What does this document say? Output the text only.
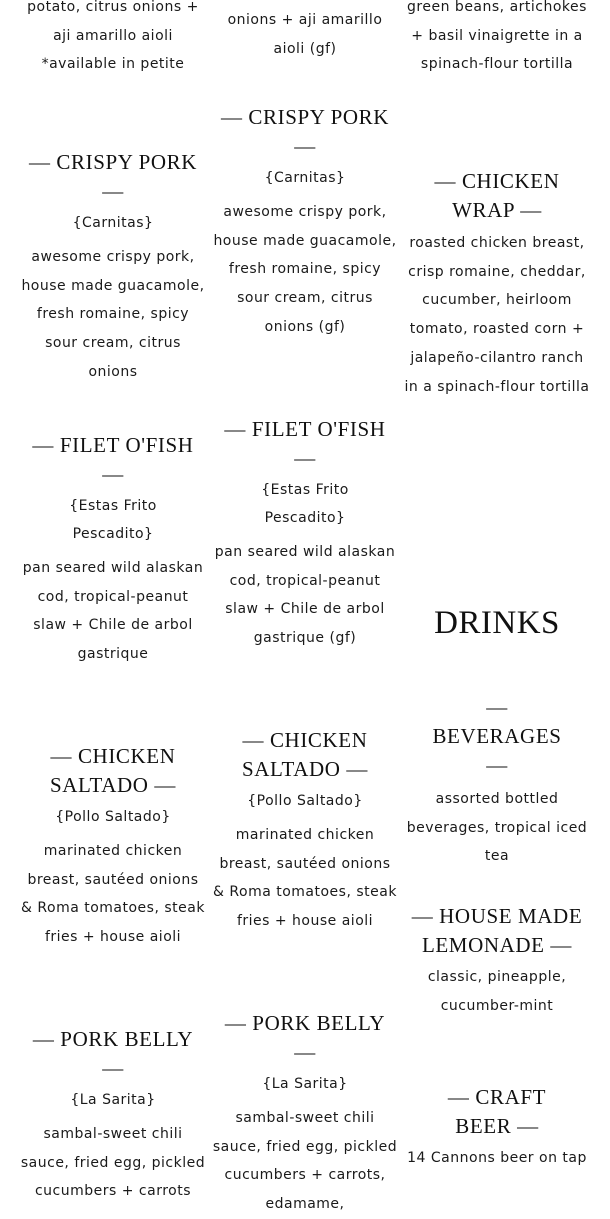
potato, citrus onions + aji amarillo aioli *available in petite
— CRISPY PORK —
{Carnitas}
awesome crispy pork, house made guacamole, fresh romaine, spicy sour cream, citrus onions
— FILET O'FISH —
{Estas Frito Pescadito}
pan seared wild alaskan cod, tropical-peanut slaw + Chile de arbol gastrique
— CHICKEN SALTADO —
{Pollo Saltado}
marinated chicken breast, sautéed onions & Roma tomatoes, steak fries + house aioli
— PORK BELLY —
{La Sarita}
sambal-sweet chili sauce, fried egg, pickled cucumbers + carrots
onions + aji amarillo aioli (gf)
— CRISPY PORK —
{Carnitas}
awesome crispy pork, house made guacamole, fresh romaine, spicy sour cream, citrus onions (gf)
— FILET O'FISH —
{Estas Frito Pescadito}
pan seared wild alaskan cod, tropical-peanut slaw + Chile de arbol gastrique (gf)
— CHICKEN SALTADO —
{Pollo Saltado}
marinated chicken breast, sautéed onions & Roma tomatoes, steak fries + house aioli
— PORK BELLY —
{La Sarita}
sambal-sweet chili sauce, fried egg, pickled cucumbers + carrots, edamame,
green beans, artichokes + basil vinaigrette in a spinach-flour tortilla
— CHICKEN WRAP —
roasted chicken breast, crisp romaine, cheddar, cucumber, heirloom tomato, roasted corn + jalapeño-cilantro ranch in a spinach-flour tortilla
DRINKS
— BEVERAGES —
assorted bottled beverages, tropical iced tea
— HOUSE MADE LEMONADE —
classic, pineapple, cucumber-mint
— CRAFT BEER —
14 Cannons beer on tap
